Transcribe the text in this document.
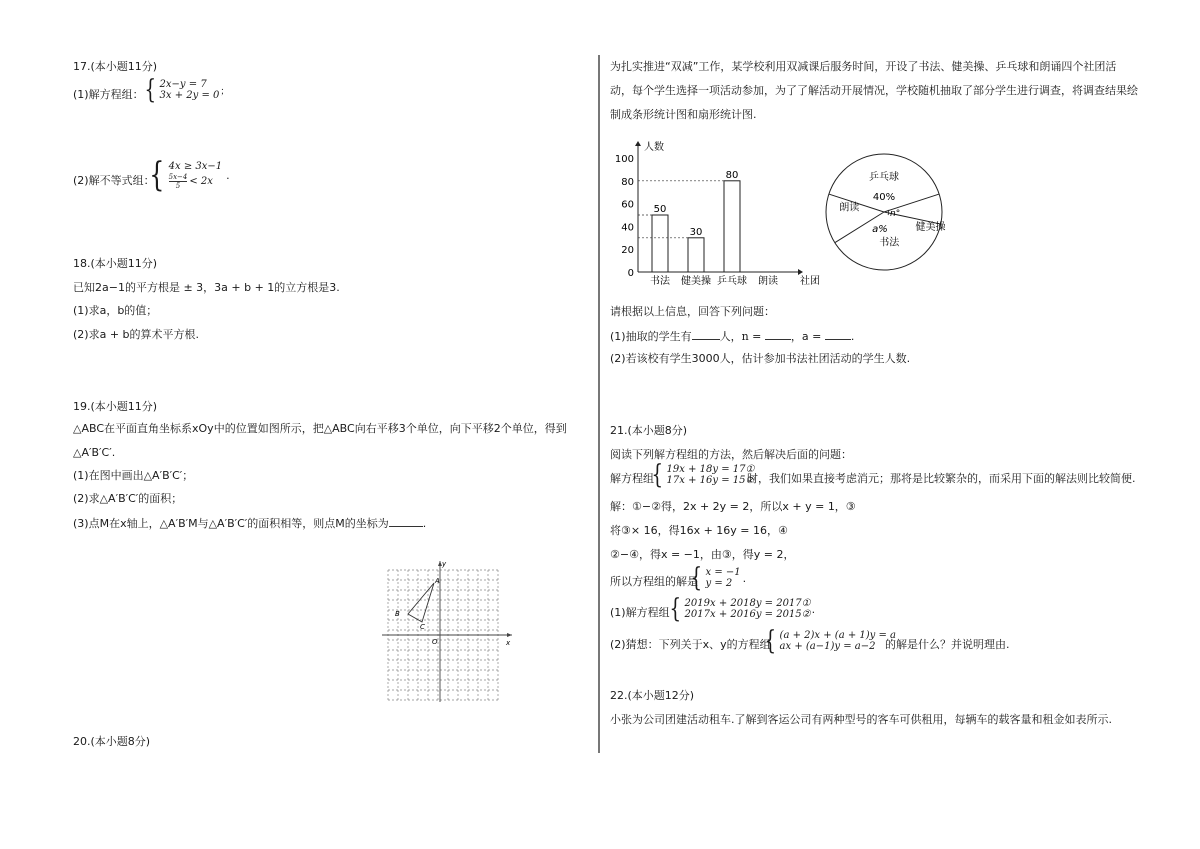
17.(本小题11分)
(1)解方程组： { 2x−y = 7
3x + 2y = 0 ；
(2)解不等式组：
{ 4x ≥ 3x−1
5x−4
5 < 2x .
18.(本小题11分)
已知2a−1的平方根是 ± 3，3a + b + 1的立方根是3.
(1)求a，b的值；
(2)求a + b的算术平方根.
19.(本小题11分)
△ABC在平面直角坐标系xOy中的位置如图所示，把△ABC向右平移3个单位，向下平移2个单位，得到
△A′B′C′.
(1)在图中画出△A′B′C′；
(2)求△A′B′C′的面积；
(3)点M在x轴上，△A′B′M与△A′B′C′的面积相等，则点M的坐标为	.
x
y
O
A
B
C
20.(本小题8分)
为扎实推进“双减”工作，某学校利用双减课后服务时间，开设了书法、健美操、乒乓球和朗诵四个社团活
动，每个学生选择一项活动参加，为了了解活动开展情况，学校随机抽取了部分学生进行调查，将调查结果绘
制成条形统计图和扇形统计图.
人数
社团
0
20
40
60
80
100
书法
50
健美操
30
乒乓球
80
朗读
乒乓球
健美操
书法
朗读
40%
n°
a%
请根据以上信息，回答下列问题：
(1)抽取的学生有	人，n =	，a =	.
(2)若该校有学生3000人，估计参加书法社团活动的学生人数.
21.(本小题8分)
阅读下列解方程组的方法，然后解决后面的问题：
解方程组
{ 19x + 18y = 17①
17x + 16y = 15②
时，我们如果直接考虑消元；那将是比较繁杂的，而采用下面的解法则比较简便.
解：①−②得，2x + 2y = 2，所以x + y = 1，③
将③× 16，得16x + 16y = 16，④
②−④，得x = −1，由③，得y = 2，
所以方程组的解是
{ x = −1
y = 2 .
(1)解方程组 { 2019x + 2018y = 2017①
2017x + 2016y = 2015② .
(2)猜想：下列关于x、y的方程组
{ (a + 2)x + (a + 1)y = a
ax + (a−1)y = a−2 的解是什么？并说明理由.
22.(本小题12分)
小张为公司团建活动租车.了解到客运公司有两种型号的客车可供租用，每辆车的载客量和租金如表所示.
